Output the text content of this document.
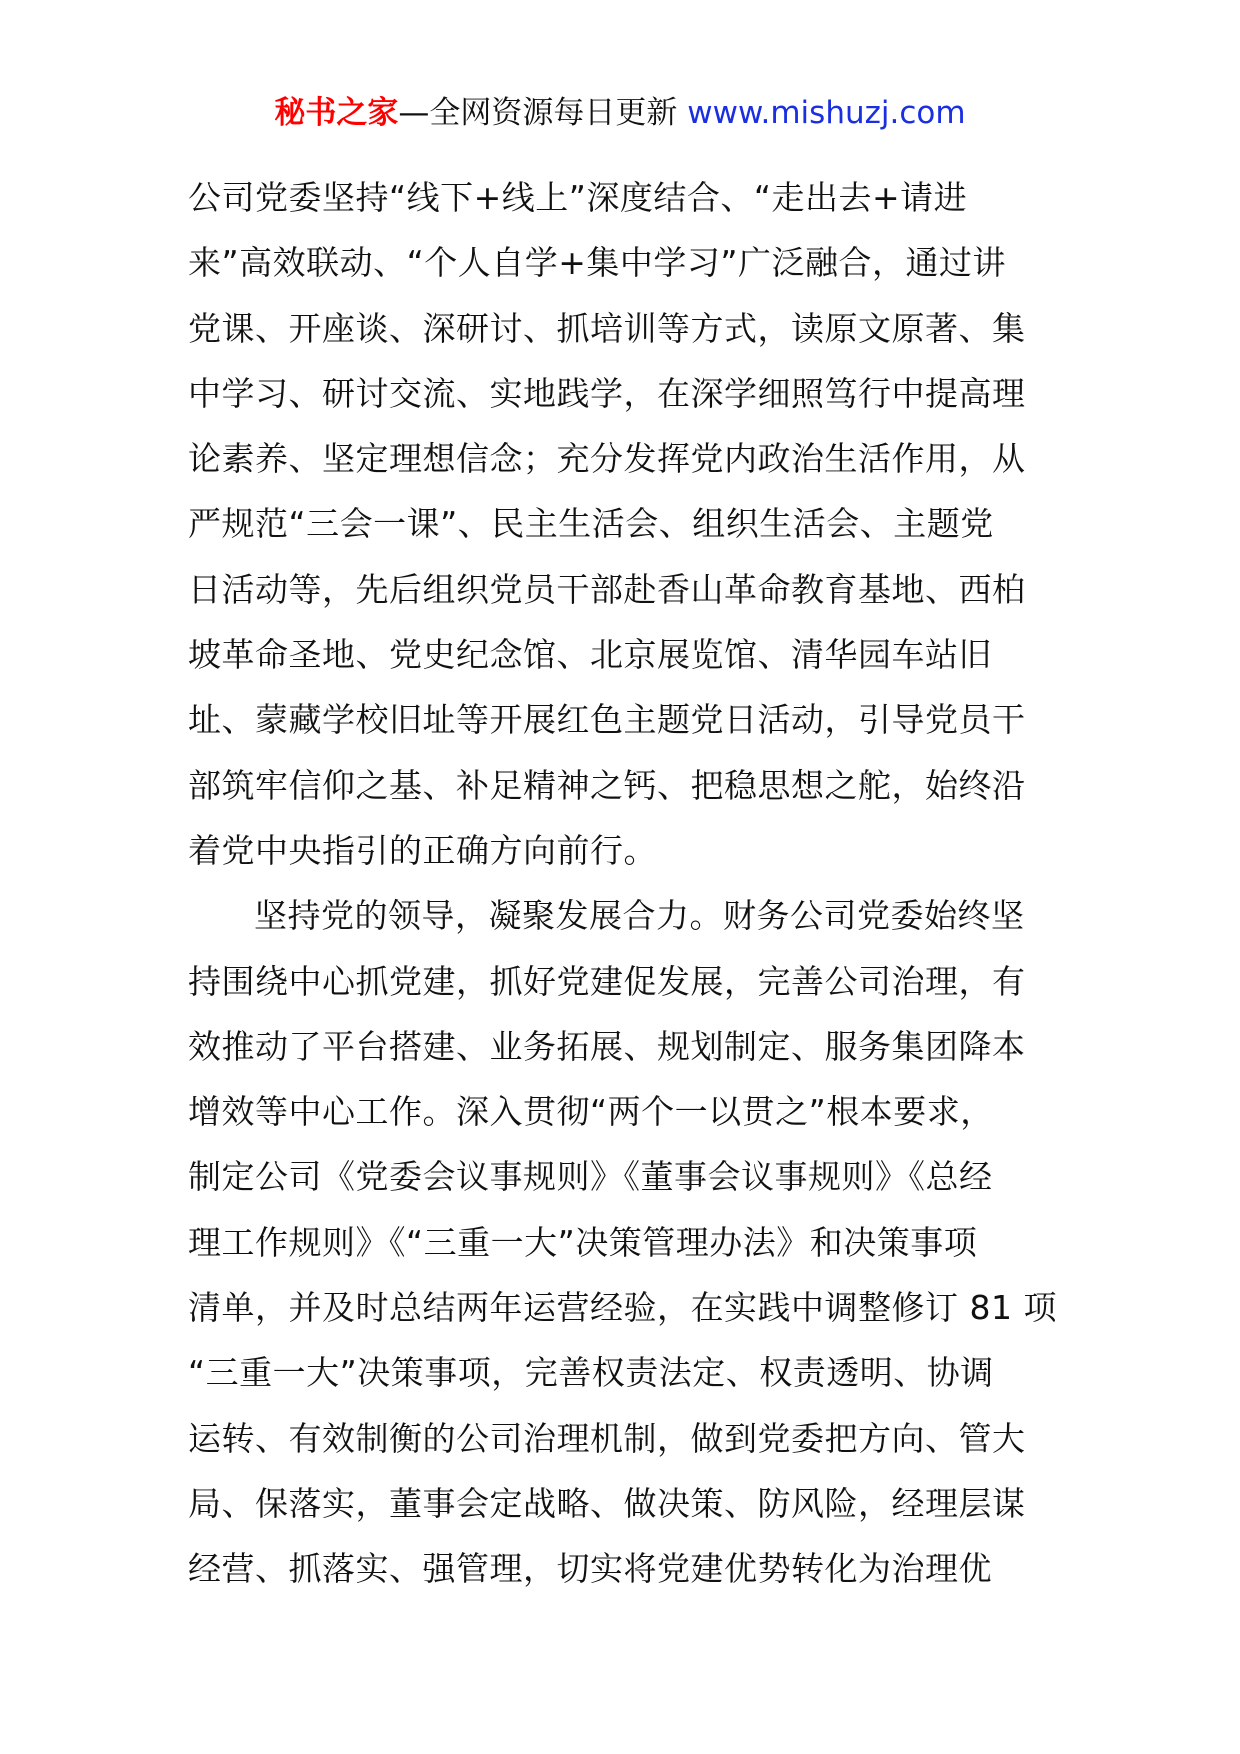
秘书之家—全网资源每日更新 www.mishuzj.com
公司党委坚持“线下+线上”深度结合、“走出去+请进
来”高效联动、“个人自学+集中学习”广泛融合，通过讲
党课、开座谈、深研讨、抓培训等方式，读原文原著、集
中学习、研讨交流、实地践学，在深学细照笃行中提高理
论素养、坚定理想信念；充分发挥党内政治生活作用，从
严规范“三会一课”、民主生活会、组织生活会、主题党
日活动等，先后组织党员干部赴香山革命教育基地、西柏
坡革命圣地、党史纪念馆、北京展览馆、清华园车站旧
址、蒙藏学校旧址等开展红色主题党日活动，引导党员干
部筑牢信仰之基、补足精神之钙、把稳思想之舵，始终沿
着党中央指引的正确方向前行。
坚持党的领导，凝聚发展合力。财务公司党委始终坚
持围绕中心抓党建，抓好党建促发展，完善公司治理，有
效推动了平台搭建、业务拓展、规划制定、服务集团降本
增效等中心工作。深入贯彻“两个一以贯之”根本要求，
制定公司《党委会议事规则》《董事会议事规则》《总经
理工作规则》《“三重一大”决策管理办法》和决策事项
清单，并及时总结两年运营经验，在实践中调整修订 81 项
“三重一大”决策事项，完善权责法定、权责透明、协调
运转、有效制衡的公司治理机制，做到党委把方向、管大
局、保落实，董事会定战略、做决策、防风险，经理层谋
经营、抓落实、强管理，切实将党建优势转化为治理优
